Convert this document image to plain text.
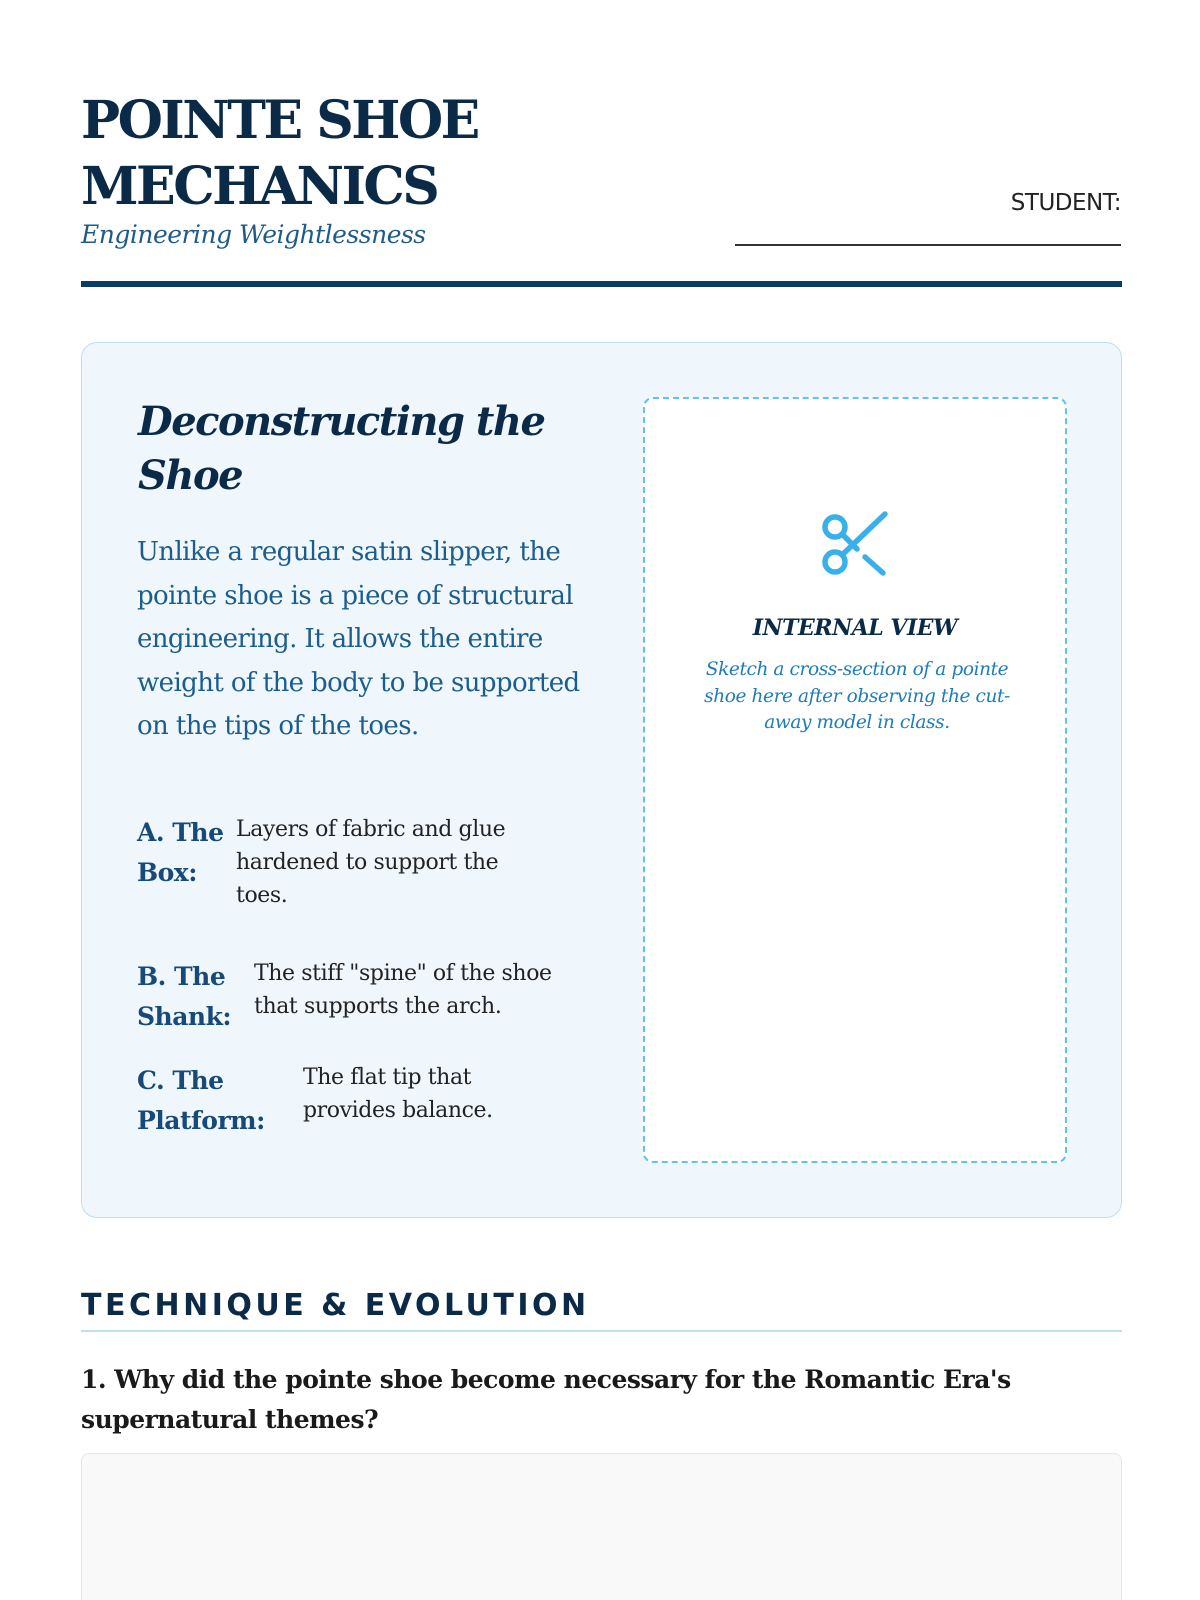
POINTE SHOE
MECHANICS
Engineering Weightlessness
STUDENT:
Deconstructing the
Shoe
Unlike a regular satin slipper, the pointe shoe is a piece of structural engineering. It allows the entire weight of the body to be supported on the tips of the toes.
A. The Box:
Layers of fabric and glue hardened to support the toes.
B. The Shank:
The stiff "spine" of the shoe that supports the arch.
C. The Platform:
The flat tip that provides balance.
INTERNAL VIEW
Sketch a cross-section of a pointe shoe here after observing the cut-away model in class.
TECHNIQUE & EVOLUTION
1. Why did the pointe shoe become necessary for the Romantic Era's supernatural themes?
